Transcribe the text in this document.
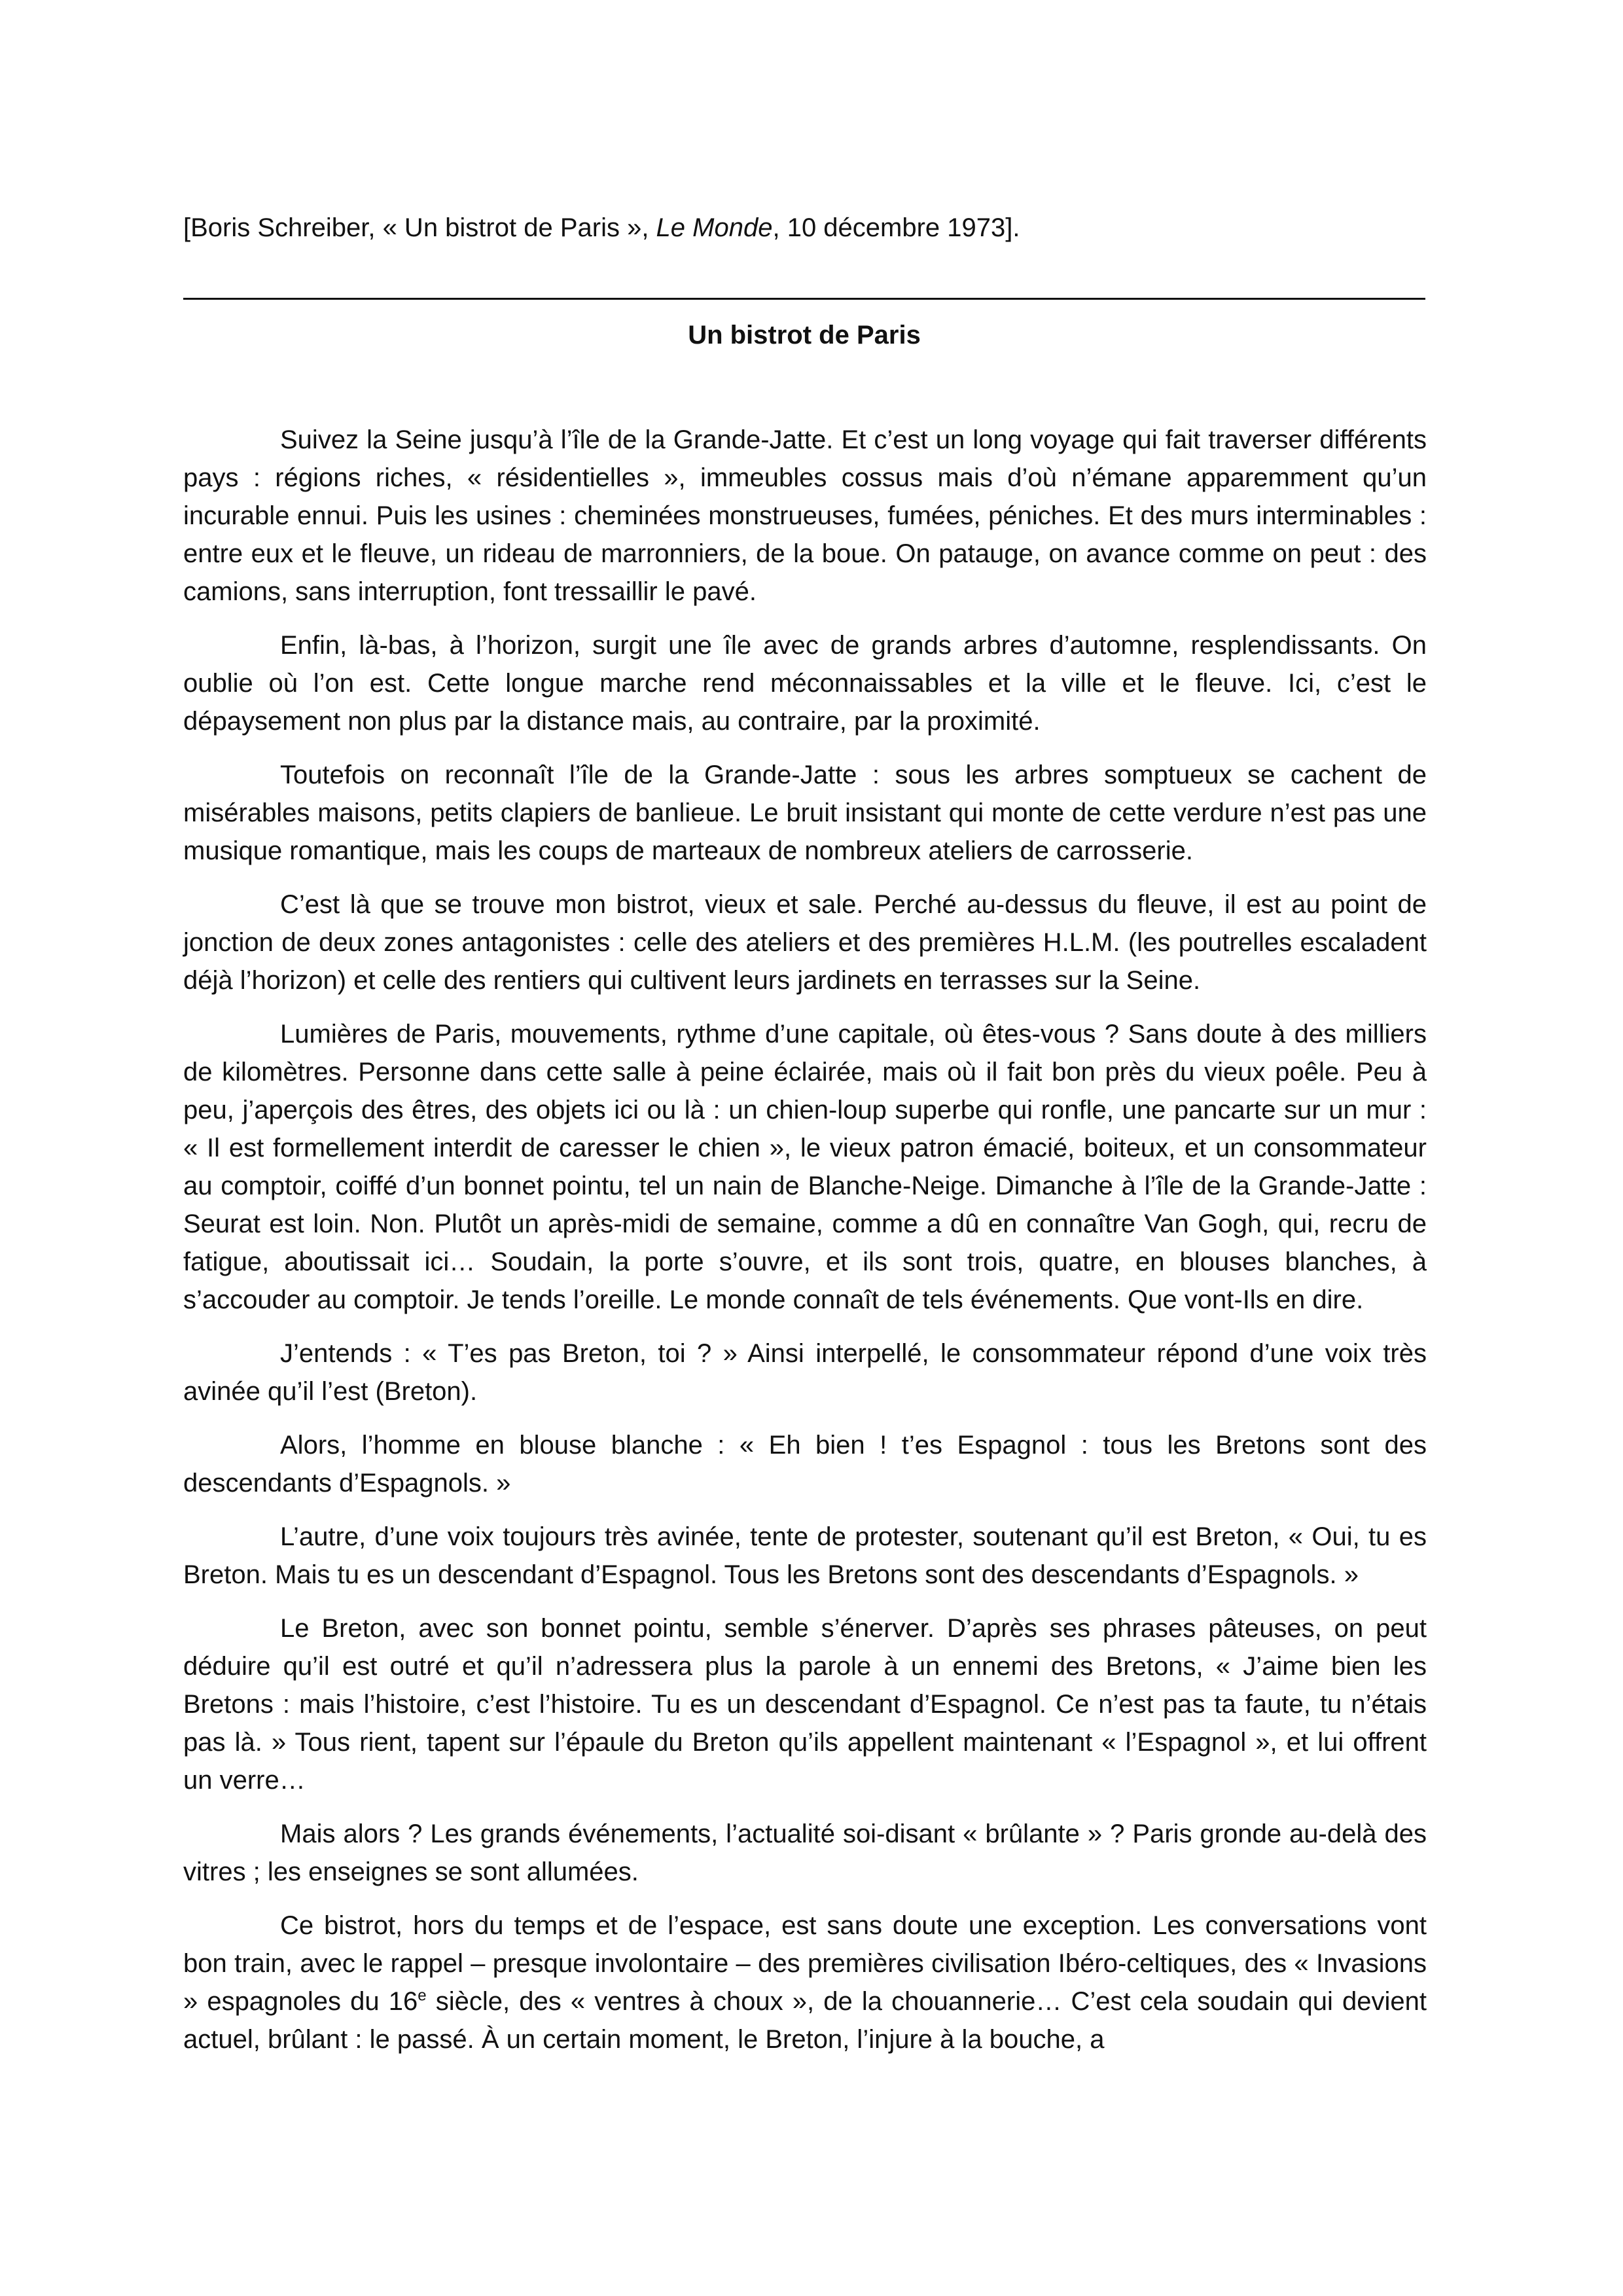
[Boris Schreiber, « Un bistrot de Paris », Le Monde, 10 décembre 1973].
Un bistrot de Paris

Suivez la Seine jusqu’à l’île de la Grande-Jatte. Et c’est un long voyage qui fait traverser différents pays : régions riches, « résidentielles », immeubles cossus mais d’où n’émane apparemment qu’un incurable ennui. Puis les usines : cheminées monstrueuses, fumées, péniches. Et des murs interminables : entre eux et le fleuve, un rideau de marronniers, de la boue. On patauge, on avance comme on peut : des camions, sans interruption, font tressaillir le pavé.

Enfin, là-bas, à l’horizon, surgit une île avec de grands arbres d’automne, resplendissants. On oublie où l’on est. Cette longue marche rend méconnaissables et la ville et le fleuve. Ici, c’est le dépaysement non plus par la distance mais, au contraire, par la proximité.

Toutefois on reconnaît l’île de la Grande-Jatte : sous les arbres somptueux se cachent de misérables maisons, petits clapiers de banlieue. Le bruit insistant qui monte de cette verdure n’est pas une musique romantique, mais les coups de marteaux de nombreux ateliers de carrosserie.

C’est là que se trouve mon bistrot, vieux et sale. Perché au-dessus du fleuve, il est au point de jonction de deux zones antagonistes : celle des ateliers et des premières H.L.M. (les poutrelles escaladent déjà l’horizon) et celle des rentiers qui cultivent leurs jardinets en terrasses sur la Seine.

Lumières de Paris, mouvements, rythme d’une capitale, où êtes-vous ? Sans doute à des milliers de kilomètres. Personne dans cette salle à peine éclairée, mais où il fait bon près du vieux poêle. Peu à peu, j’aperçois des êtres, des objets ici ou là : un chien-loup superbe qui ronfle, une pancarte sur un mur : « Il est formellement interdit de caresser le chien », le vieux patron émacié, boiteux, et un consommateur au comptoir, coiffé d’un bonnet pointu, tel un nain de Blanche-Neige. Dimanche à l’île de la Grande-Jatte : Seurat est loin. Non. Plutôt un après-midi de semaine, comme a dû en connaître Van Gogh, qui, recru de fatigue, aboutissait ici… Soudain, la porte s’ouvre, et ils sont trois, quatre, en blouses blanches, à s’accouder au comptoir. Je tends l’oreille. Le monde connaît de tels événements. Que vont-Ils en dire.

J’entends : « T’es pas Breton, toi ? » Ainsi interpellé, le consommateur répond d’une voix très avinée qu’il l’est (Breton).

Alors, l’homme en blouse blanche : « Eh bien ! t’es Espagnol : tous les Bretons sont des descendants d’Espagnols. »

L’autre, d’une voix toujours très avinée, tente de protester, soutenant qu’il est Breton, « Oui, tu es Breton. Mais tu es un descendant d’Espagnol. Tous les Bretons sont des descendants d’Espagnols. »

Le Breton, avec son bonnet pointu, semble s’énerver. D’après ses phrases pâteuses, on peut déduire qu’il est outré et qu’il n’adressera plus la parole à un ennemi des Bretons, « J’aime bien les Bretons : mais l’histoire, c’est l’histoire. Tu es un descendant d’Espagnol. Ce n’est pas ta faute, tu n’étais pas là. » Tous rient, tapent sur l’épaule du Breton qu’ils appellent maintenant « l’Espagnol », et lui offrent un verre…

Mais alors ? Les grands événements, l’actualité soi-disant « brûlante » ? Paris gronde au-delà des vitres ; les enseignes se sont allumées.

Ce bistrot, hors du temps et de l’espace, est sans doute une exception. Les conversations vont bon train, avec le rappel – presque involontaire – des premières civilisation Ibéro-celtiques, des « Invasions » espagnoles du 16e siècle, des « ventres à choux », de la chouannerie… C’est cela soudain qui devient actuel, brûlant : le passé. À un certain moment, le Breton, l’injure à la bouche, a
